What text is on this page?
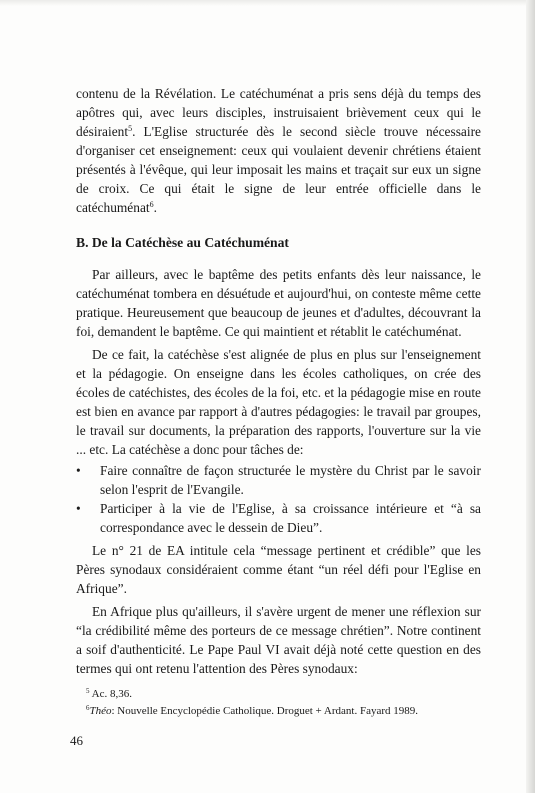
contenu de la Révélation. Le catéchuménat a pris sens déjà du temps des apôtres qui, avec leurs disciples, instruisaient brièvement ceux qui le désiraient$^5$. L'Eglise structurée dès le second siècle trouve nécessaire d'organiser cet enseignement: ceux qui voulaient devenir chrétiens étaient présentés à l'évêque, qui leur imposait les mains et traçait sur eux un signe de croix. Ce qui était le signe de leur entrée officielle dans le catéchuménat$^6$.

B. De la Catéchèse au Catéchuménat

Par ailleurs, avec le baptême des petits enfants dès leur naissance, le catéchuménat tombera en désuétude et aujourd'hui, on conteste même cette pratique. Heureusement que beaucoup de jeunes et d'adultes, découvrant la foi, demandent le baptême. Ce qui maintient et rétablit le catéchuménat.

De ce fait, la catéchèse s'est alignée de plus en plus sur l'enseignement et la pédagogie. On enseigne dans les écoles catholiques, on crée des écoles de catéchistes, des écoles de la foi, etc. et la pédagogie mise en route est bien en avance par rapport à d'autres pédagogies: le travail par groupes, le travail sur documents, la préparation des rapports, l'ouverture sur la vie ... etc. La catéchèse a donc pour tâches de:

• Faire connaître de façon structurée le mystère du Christ par le savoir selon l'esprit de l'Evangile.
• Participer à la vie de l'Eglise, à sa croissance intérieure et “à sa correspondance avec le dessein de Dieu”.

Le n° 21 de EA intitule cela “message pertinent et crédible” que les Pères synodaux considéraient comme étant “un réel défi pour l'Eglise en Afrique”.

En Afrique plus qu'ailleurs, il s'avère urgent de mener une réflexion sur “la crédibilité même des porteurs de ce message chrétien”. Notre continent a soif d'authenticité. Le Pape Paul VI avait déjà noté cette question en des termes qui ont retenu l'attention des Pères synodaux:

$^5$ Ac. 8,36.

$^6$Théo: Nouvelle Encyclopédie Catholique. Droguet + Ardant. Fayard 1989.

46
